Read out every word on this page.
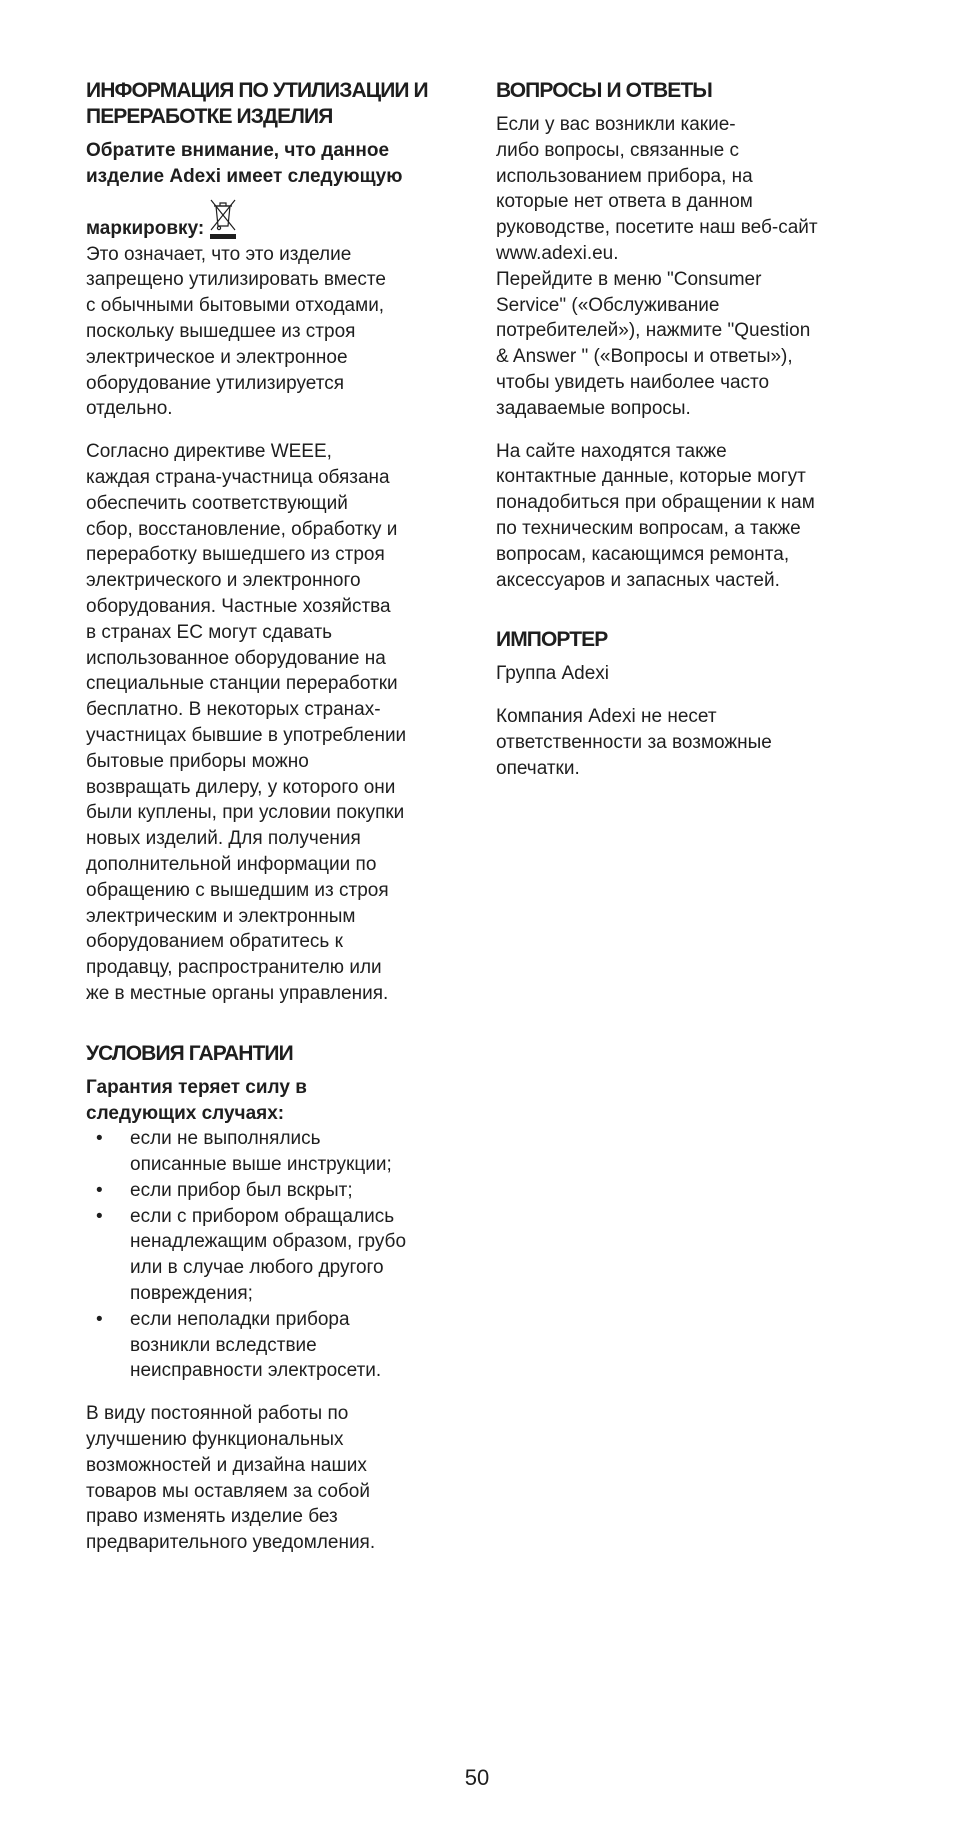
ИНФОРМАЦИЯ ПО УТИЛИЗАЦИИ И
ПЕРЕРАБОТКЕ ИЗДЕЛИЯ
Обратите внимание, что данное
изделие Adexi имеет следующую
маркировку:
Это означает, что это изделие
запрещено утилизировать вместе
с обычными бытовыми отходами,
поскольку вышедшее из строя
электрическое и электронное
оборудование утилизируется
отдельно.
Согласно директиве WEEE,
каждая страна-участница обязана
обеспечить соответствующий
сбор, восстановление, обработку и
переработку вышедшего из строя
электрического и электронного
оборудования. Частные хозяйства
в странах ЕС могут сдавать
использованное оборудование на
специальные станции переработки
бесплатно. В некоторых странах-
участницах бывшие в употреблении
бытовые приборы можно
возвращать дилеру, у которого они
были куплены, при условии покупки
новых изделий. Для получения
дополнительной информации по
обращению с вышедшим из строя
электрическим и электронным
оборудованием обратитесь к
продавцу, распространителю или
же в местные органы управления.
УСЛОВИЯ ГАРАНТИИ
Гарантия теряет силу в
следующих случаях:
• если не выполнялись
описанные выше инструкции;
• если прибор был вскрыт;
• если с прибором обращались
ненадлежащим образом, грубо
или в случае любого другого
повреждения;
• если неполадки прибора
возникли вследствие
неисправности электросети.
В виду постоянной работы по
улучшению функциональных
возможностей и дизайна наших
товаров мы оставляем за собой
право изменять изделие без
предварительного уведомления.
ВОПРОСЫ И ОТВЕТЫ
Если у вас возникли какие-
либо вопросы, связанные с
использованием прибора, на
которые нет ответа в данном
руководстве, посетите наш веб-сайт
www.adexi.eu.
Перейдите в меню "Consumer
Service" («Обслуживание
потребителей»), нажмите "Question
& Answer " («Вопросы и ответы»),
чтобы увидеть наиболее часто
задаваемые вопросы.
На сайте находятся также
контактные данные, которые могут
понадобиться при обращении к нам
по техническим вопросам, а также
вопросам, касающимся ремонта,
аксессуаров и запасных частей.
ИМПОРТЕР
Группа Adexi
Компания Adexi не несет
ответственности за возможные
опечатки.
50
